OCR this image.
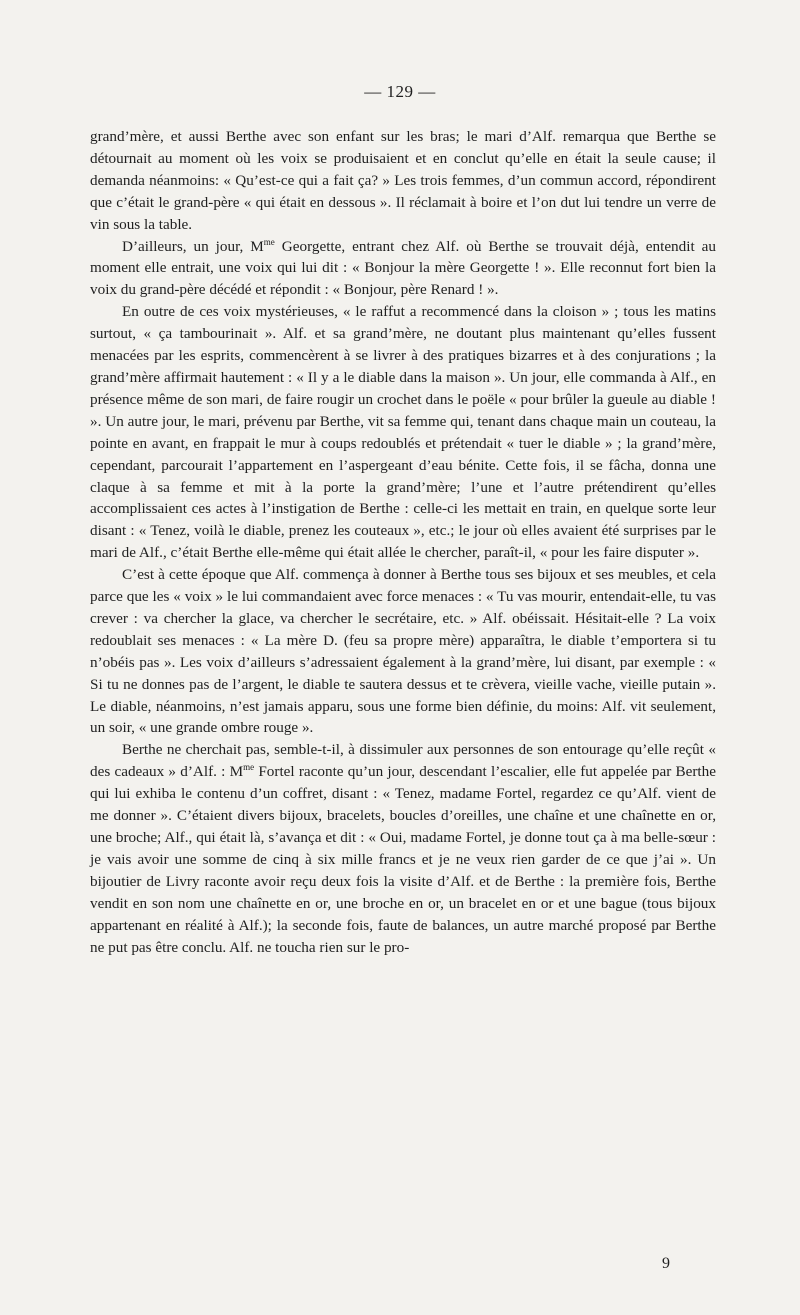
— 129 —

grand’mère, et aussi Berthe avec son enfant sur les bras; le mari d’Alf. remarqua que Berthe se détournait au moment où les voix se produisaient et en conclut qu’elle en était la seule cause; il demanda néanmoins: « Qu’est-ce qui a fait ça? » Les trois femmes, d’un commun accord, répondirent que c’était le grand-père « qui était en dessous ». Il réclamait à boire et l’on dut lui tendre un verre de vin sous la table.

D’ailleurs, un jour, $M^{me}$ Georgette, entrant chez Alf. où Berthe se trouvait déjà, entendit au moment elle entrait, une voix qui lui dit : « Bonjour la mère Georgette ! ». Elle reconnut fort bien la voix du grand-père décédé et répondit : « Bonjour, père Renard ! ».

En outre de ces voix mystérieuses, « le raffut a recommencé dans la cloison » ; tous les matins surtout, « ça tambourinait ». Alf. et sa grand’mère, ne doutant plus maintenant qu’elles fussent menacées par les esprits, commencèrent à se livrer à des pratiques bizarres et à des conjurations ; la grand’mère affirmait hautement : « Il y a le diable dans la maison ». Un jour, elle commanda à Alf., en présence même de son mari, de faire rougir un crochet dans le poële « pour brûler la gueule au diable ! ». Un autre jour, le mari, prévenu par Berthe, vit sa femme qui, tenant dans chaque main un couteau, la pointe en avant, en frappait le mur à coups redoublés et prétendait « tuer le diable » ; la grand’mère, cependant, parcourait l’appartement en l’aspergeant d’eau bénite. Cette fois, il se fâcha, donna une claque à sa femme et mit à la porte la grand’mère; l’une et l’autre prétendirent qu’elles accomplissaient ces actes à l’instigation de Berthe : celle-ci les mettait en train, en quelque sorte leur disant : « Tenez, voilà le diable, prenez les couteaux », etc.; le jour où elles avaient été surprises par le mari de Alf., c’était Berthe elle-même qui était allée le chercher, paraît-il, « pour les faire disputer ».

C’est à cette époque que Alf. commença à donner à Berthe tous ses bijoux et ses meubles, et cela parce que les « voix » le lui commandaient avec force menaces : « Tu vas mourir, entendait-elle, tu vas crever : va chercher la glace, va chercher le secrétaire, etc. » Alf. obéissait. Hésitait-elle ? La voix redoublait ses menaces : « La mère D. (feu sa propre mère) apparaîtra, le diable t’emportera si tu n’obéis pas ». Les voix d’ailleurs s’adressaient également à la grand’mère, lui disant, par exemple : « Si tu ne donnes pas de l’argent, le diable te sautera dessus et te crèvera, vieille vache, vieille putain ». Le diable, néanmoins, n’est jamais apparu, sous une forme bien définie, du moins: Alf. vit seulement, un soir, « une grande ombre rouge ».

Berthe ne cherchait pas, semble-t-il, à dissimuler aux personnes de son entourage qu’elle reçût « des cadeaux » d’Alf. : $M^{me}$ Fortel raconte qu’un jour, descendant l’escalier, elle fut appelée par Berthe qui lui exhiba le contenu d’un coffret, disant : « Tenez, madame Fortel, regardez ce qu’Alf. vient de me donner ». C’étaient divers bijoux, bracelets, boucles d’oreilles, une chaîne et une chaînette en or, une broche; Alf., qui était là, s’avança et dit : « Oui, madame Fortel, je donne tout ça à ma belle-sœur : je vais avoir une somme de cinq à six mille francs et je ne veux rien garder de ce que j’ai ». Un bijoutier de Livry raconte avoir reçu deux fois la visite d’Alf. et de Berthe : la première fois, Berthe vendit en son nom une chaînette en or, une broche en or, un bracelet en or et une bague (tous bijoux appartenant en réalité à Alf.); la seconde fois, faute de balances, un autre marché proposé par Berthe ne put pas être conclu. Alf. ne toucha rien sur le pro-

9
